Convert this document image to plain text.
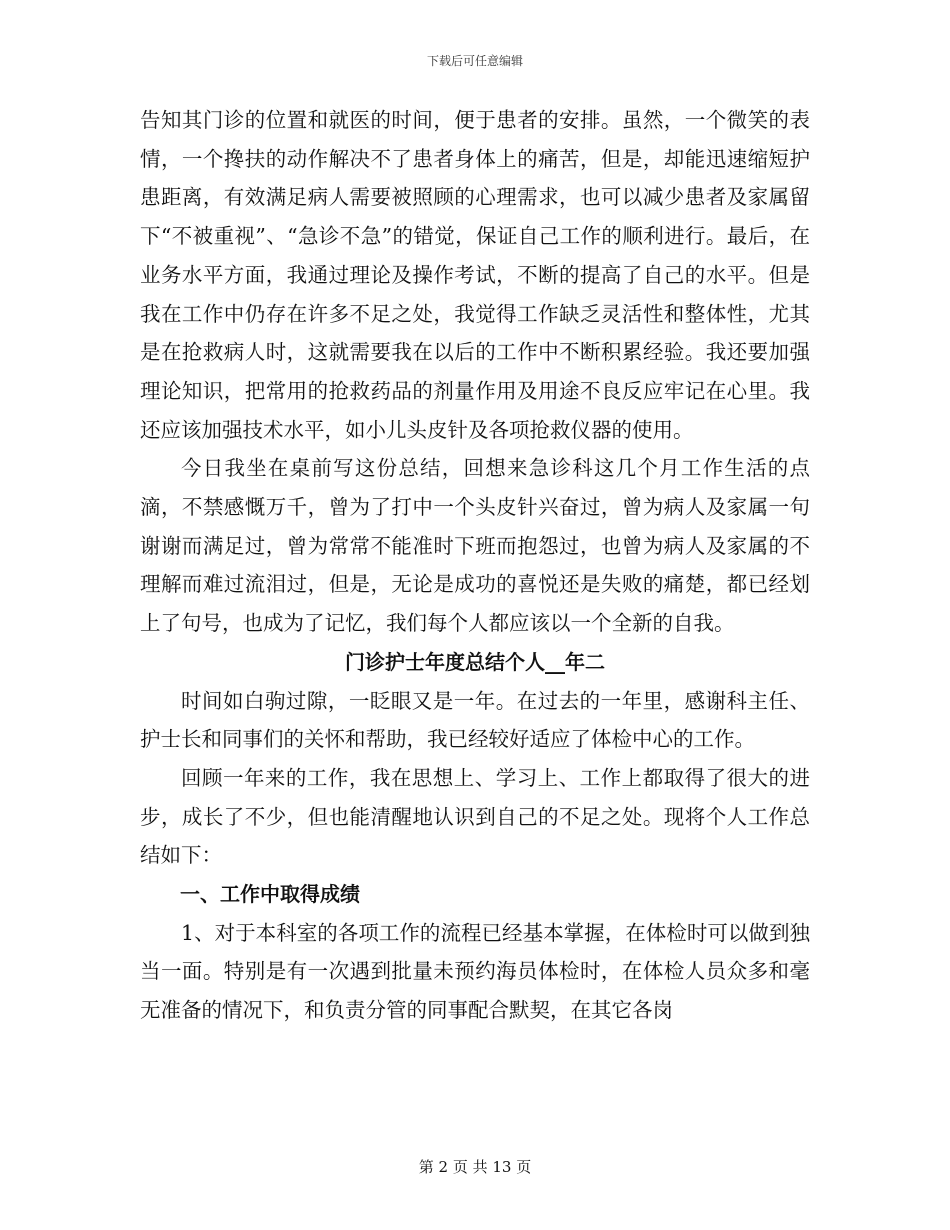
下载后可任意编辑

告知其门诊的位置和就医的时间，便于患者的安排。虽然，一个微笑的表情，一个搀扶的动作解决不了患者身体上的痛苦，但是，却能迅速缩短护患距离，有效满足病人需要被照顾的心理需求，也可以减少患者及家属留下“不被重视”、“急诊不急”的错觉，保证自己工作的顺利进行。最后，在业务水平方面，我通过理论及操作考试，不断的提高了自己的水平。但是我在工作中仍存在许多不足之处，我觉得工作缺乏灵活性和整体性，尤其是在抢救病人时，这就需要我在以后的工作中不断积累经验。我还要加强理论知识，把常用的抢救药品的剂量作用及用途不良反应牢记在心里。我还应该加强技术水平，如小儿头皮针及各项抢救仪器的使用。

今日我坐在桌前写这份总结，回想来急诊科这几个月工作生活的点滴，不禁感慨万千，曾为了打中一个头皮针兴奋过，曾为病人及家属一句谢谢而满足过，曾为常常不能准时下班而抱怨过，也曾为病人及家属的不理解而难过流泪过，但是，无论是成功的喜悦还是失败的痛楚，都已经划上了句号，也成为了记忆，我们每个人都应该以一个全新的自我。

门诊护士年度总结个人__年二

时间如白驹过隙，一眨眼又是一年。在过去的一年里，感谢科主任、护士长和同事们的关怀和帮助，我已经较好适应了体检中心的工作。

回顾一年来的工作，我在思想上、学习上、工作上都取得了很大的进步，成长了不少，但也能清醒地认识到自己的不足之处。现将个人工作总结如下：

一、工作中取得成绩

1、对于本科室的各项工作的流程已经基本掌握，在体检时可以做到独当一面。特别是有一次遇到批量未预约海员体检时，在体检人员众多和毫无准备的情况下，和负责分管的同事配合默契，在其它各岗

第 2 页 共 13 页
